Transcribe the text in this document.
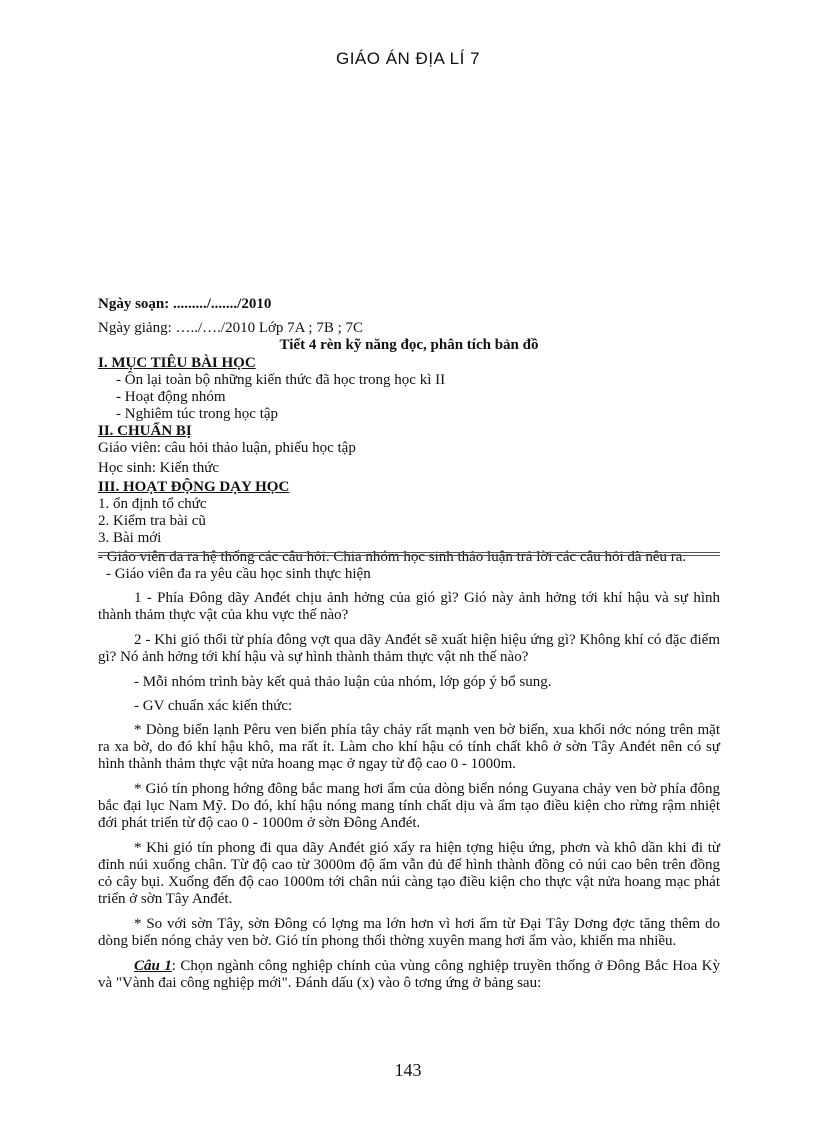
GIÁO ÁN ĐỊA LÍ 7
Ngày soạn: ........./......./2010
Ngày giảng: …../…./2010 Lớp 7A ; 7B ; 7C
Tiết 4 rèn kỹ năng đọc, phân tích bản đồ
I. MỤC TIÊU BÀI HỌC
- Ôn lại toàn bộ những kiến thức đã học trong học kì II
- Hoạt động nhóm
- Nghiêm túc trong học tập
II. CHUẨN BỊ
Giáo viên: câu hỏi thảo luận, phiếu học tập
Học sinh: Kiến thức
III. HOẠT ĐỘNG DẠY HỌC
1. ổn định tổ chức
2. Kiểm tra bài cũ
3. Bài mới

- Giáo viên đa ra hệ thống các câu hỏi. Chia nhóm học sinh thảo luận trả lời các câu hỏi đã nêu ra.

- Giáo viên đa ra yêu cầu học sinh thực hiện

1 - Phía Đông dãy Anđét chịu ảnh hởng của gió gì? Gió này ảnh hởng tới khí hậu và sự hình thành thảm thực vật của khu vực thế nào?

2 - Khi gió thổi từ phía đông vợt qua dãy Anđét sẽ xuất hiện hiệu ứng gì? Không khí có đặc điểm gì? Nó ảnh hởng tới khí hậu và sự hình thành thảm thực vật nh thế nào?

- Mỗi nhóm trình bày kết quả thảo luận của nhóm, lớp góp ý bổ sung.

- GV chuẩn xác kiến thức:

* Dòng biển lạnh Pêru ven biển phía tây chảy rất mạnh ven bờ biển, xua khối nớc nóng trên mặt ra xa bờ, do đó khí hậu khô, ma rất ít. Làm cho khí hậu có tính chất khô ở sờn Tây Anđét nên có sự hình thành thảm thực vật nửa hoang mạc ở ngay từ độ cao 0 - 1000m.

* Gió tín phong hớng đông bắc mang hơi ẩm của dòng biển nóng Guyana chảy ven bờ phía đông bắc đại lục Nam Mỹ. Do đó, khí hậu nóng mang tính chất dịu và ẩm tạo điều kiện cho rừng rậm nhiệt đới phát triển từ độ cao 0 - 1000m ở sờn Đông Anđét.

* Khi gió tín phong đi qua dãy Anđét gió xẩy ra hiện tợng hiệu ứng, phơn và khô dần khi đi từ đỉnh núi xuống chân. Từ độ cao từ 3000m độ ẩm vẫn đủ để hình thành đồng cỏ núi cao bên trên đồng cỏ cây bụi. Xuống đến độ cao 1000m tới chân núi càng tạo điều kiện cho thực vật nửa hoang mạc phát triển ở sờn Tây Anđét.

* So với sờn Tây, sờn Đông có lợng ma lớn hơn vì hơi ẩm từ Đại Tây Dơng đợc tăng thêm do dòng biển nóng chảy ven bờ. Gió tín phong thổi thờng xuyên mang hơi ẩm vào, khiến ma nhiều.

Câu 1: Chọn ngành công nghiệp chính của vùng công nghiệp truyền thống ở Đông Bắc Hoa Kỳ và "Vành đai công nghiệp mới". Đánh dấu (x) vào ô tơng ứng ở bảng sau:

143
